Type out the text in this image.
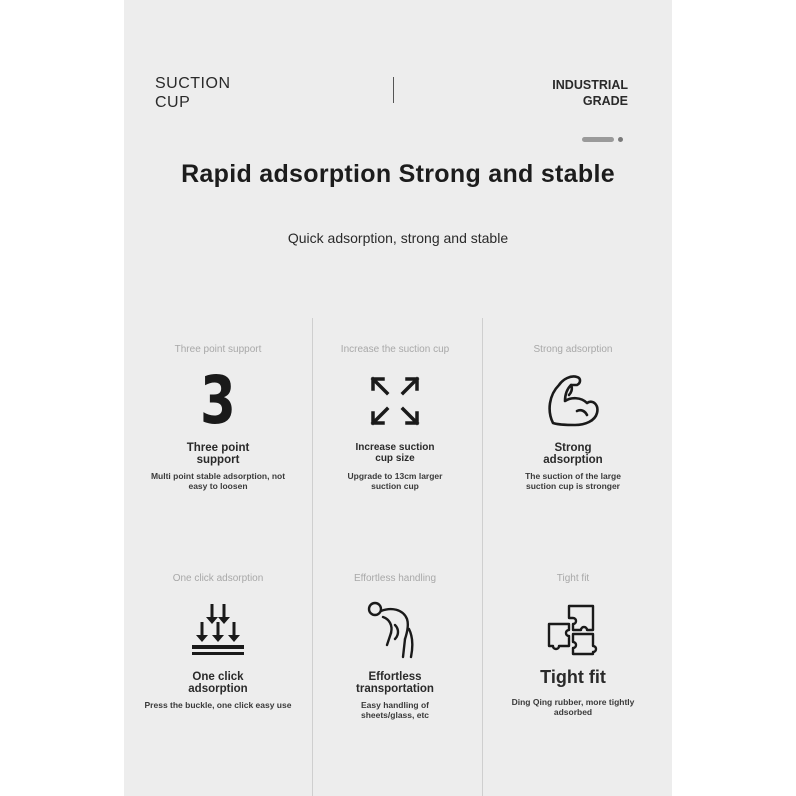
SUCTION
CUP
INDUSTRIAL
GRADE
Rapid adsorption Strong and stable
Quick adsorption, strong and stable
Three point support
3
Three point
support
Multi point stable adsorption, not
easy to loosen
Increase the suction cup
Increase suction
cup size
Upgrade to 13cm larger
suction cup
Strong adsorption
Strong
adsorption
The suction of the large
suction cup is stronger
One click adsorption
One click
adsorption
Press the buckle, one click easy use
Effortless handling
Effortless
transportation
Easy handling of
sheets/glass, etc
Tight fit
Tight fit
Ding Qing rubber, more tightly
adsorbed
